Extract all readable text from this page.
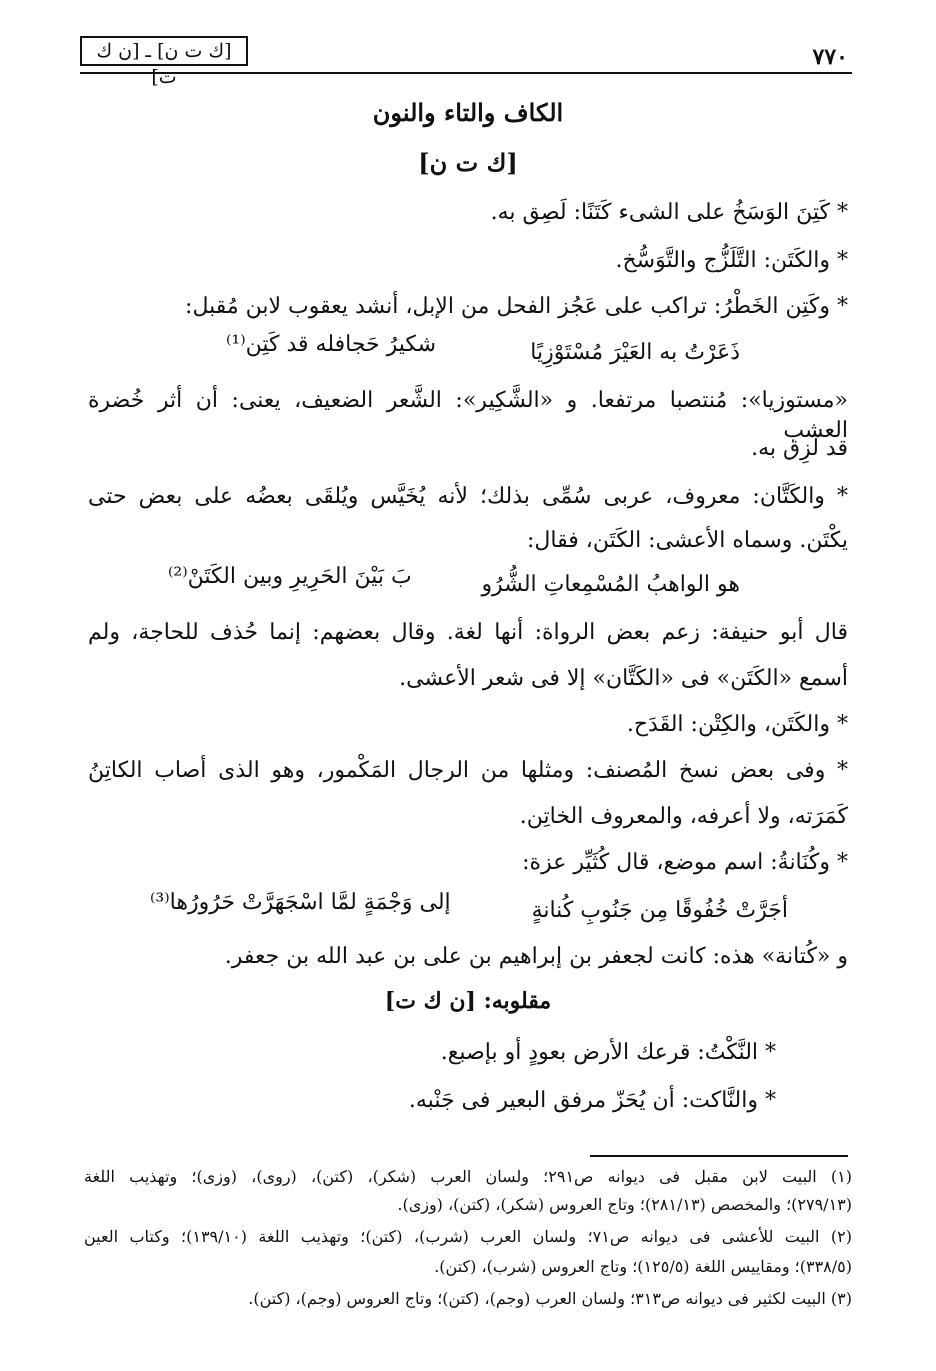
[ك ت ن] ـ [ن ك ت]
٧٧٠
الكاف والتاء والنون
[ك ت ن]
* كَتِنَ الوَسَخُ على الشىء كَتَنًا: لَصِق به.
* والكَتَن: التَّلَزُّج والتَّوَسُّخ.
* وكَتِن الخَطْرُ: تراكب على عَجُز الفحل من الإبل، أنشد يعقوب لابن مُقبل:
ذَعَرْتُ به العَيْرَ مُسْتَوْزِيًا
شكيرُ حَجافله قد كَتِن⁽¹⁾
«مستوزيا»: مُنتصبا مرتفعا. و «الشَّكِير»: الشَّعر الضعيف، يعنى: أن أثر خُضرة العشب
قد لَزِق به.
* والكَتَّان: معروف، عربى سُمِّى بذلك؛ لأنه يُخَيَّس ويُلقَى بعضُه على بعض حتى
يكْتَن. وسماه الأعشى: الكَتَن، فقال:
هو الواهبُ المُسْمِعاتِ الشُّرُو
بَ بَيْنَ الحَرِيرِ وبين الكَتَنْ⁽²⁾
قال أبو حنيفة: زعم بعض الرواة: أنها لغة. وقال بعضهم: إنما حُذف للحاجة، ولم
أسمع «الكَتَن» فى «الكَتَّان» إلا فى شعر الأعشى.
* والكَتَن، والكِتْن: القَدَح.
* وفى بعض نسخ المُصنف: ومثلها من الرجال المَكْمور، وهو الذى أصاب الكاتِنُ
كَمَرَته، ولا أعرفه، والمعروف الخاتِن.
* وكُنَانةُ: اسم موضع، قال كُثَيِّر عزة:
أجَرَّتْ خُفُوقًا مِن جَنُوبِ كُنانةٍ
إلى وَجْمَةٍ لمَّا اسْجَهَرَّتْ حَرُورُها⁽³⁾
و «كُتانة» هذه: كانت لجعفر بن إبراهيم بن على بن عبد الله بن جعفر.
مقلوبه: [ن ك ت]
* النَّكْتُ: قرعك الأرض بعودٍ أو بإصبع.
* والنَّاكت: أن يُحَزّ مرفق البعير فى جَنْبه.
(١) البيت لابن مقبل فى ديوانه ص٢٩١؛ ولسان العرب (شكر)، (كتن)، (روى)، (وزى)؛ وتهذيب اللغة
(٢٧٩/١٣)؛ والمخصص (٢٨١/١٣)؛ وتاج العروس (شكر)، (كتن)، (وزى).
(٢) البيت للأعشى فى ديوانه ص٧١؛ ولسان العرب (شرب)، (كتن)؛ وتهذيب اللغة (١٣٩/١٠)؛ وكتاب العين
(٣٣٨/٥)؛ ومقاييس اللغة (١٢٥/٥)؛ وتاج العروس (شرب)، (كتن).
(٣) البيت لكثير فى ديوانه ص٣١٣؛ ولسان العرب (وجم)، (كتن)؛ وتاج العروس (وجم)، (كتن).
